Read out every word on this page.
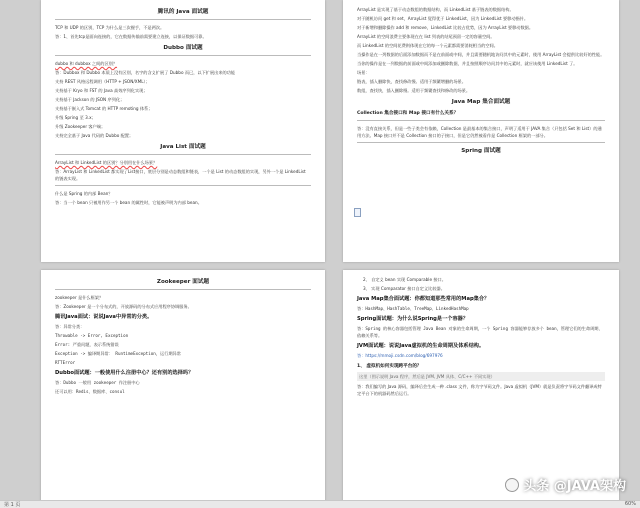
腾讯的 Java 面试题
TCP 和 UDP 的区别，TCP 为什么是三次握手，不是两次。
答：1、首先tcp是面向连接的，它在数据传输前需要建立连接，以保证数据可靠。
Dubbo 面试题
dubbo 和 dubbox 之间的区别？
答：Dubbox 和 Dubbo 本质上没有区别，名字的含义扩展了 Dubbo 而已，以下扩展出来的功能
支持 REST 风格远程调用（HTTP + JSON/XML）；
支持基于 Kryo 和 FST 的 Java 高效序列化实现；
支持基于 Jackson 的 JSON 序列化；
支持基于嵌入式 Tomcat 的 HTTP remoting 体系；
升级 Spring 至 3.x；
升级 Zookeeper 客户端；
支持完全基于 Java 代码的 Dubbo 配置；
Java List 面试题
ArrayList 和 LinkedList 的区别？分别用在什么场景？
答：ArrayList 和 LinkedList 都实现了List接口，底层分别是动态数组和链表，一个是 List 的动态数组的实现，另外一个是 LinkedList 的链表实现。
什么是 Spring 的内部 Bean？
答：当一个 bean 只被用作另一个 bean 的属性时，它能被声明为内部 bean。
ArrayList 是实现了基于动态数组的数据结构，而 LinkedList 基于链表的数据结构。
对于随机访问 get 和 set，ArrayList 觉得优于 LinkedList，因为 LinkedList 要移动指针。
对于新增和删除操作 add 和 remove，LinkedList 比较占优势，因为 ArrayList 要移动数据。
ArrayList 的空间浪费主要体现在在 list 列表的结尾预留一定的容量空间。
而 LinkedList 的空间花费则体现在它的每一个元素都需要消耗相当的空间。
当操作是在一列数据的后面添加数据而不是在前面或中间，并且需要随机地访问其中的元素时，使用 ArrayList 会提供比较好的性能。
当你的操作是在一列数据的前面或中间添加或删除数据，并且按照顺序访问其中的元素时，就应该使用 LinkedList 了。
场景：
链表，插入删除快，查找修改慢。适用于频繁增删的场景。
数组，查找快，插入删除慢。适用于频繁查找和修改的场景。
Java Map 集合面试题
Collection 集合接口和 Map 接口有什么关系？
答：没有直接关系，但是一些子类会有依赖，Collection 是最基本的集合接口，声明了适用于 JAVA 集合（只包括 Set 和 List）的通用方法。Map 接口并不是 Collection 接口的子接口，但是它仍然被看作是 Collection 框架的一部分。
Spring 面试题
Zookeeper 面试题
zookeeper 是什么框架？
答：Zookeeper 是一个分布式的，开放源码的分布式应用程序协调服务。
腾讯Java面试：说说Java中异常的分类。
答：异常分类：
Throwable -> Error, Exception
Error: 严重问题，表示系统错误
Exception -> 编译期异常： RuntimeException，运行期异常
RTTError
Dubbo面试题：一般使用什么注册中心？还有别的选择吗？
答：Dubbo 一般用 zookeeper 作注册中心
还可以用：Redis、数据库、consul
2、 自定义 bean 实现 Comparable 接口。
3、 实现 Comparator 接口自定义比较器。
Java Map集合面试题：你都知道那些常用的Map集合？
答：HashMap、HashTable、TreeMap、LinkedHashMap
Spring面试题：为什么说Spring是一个容器？
答：Spring 的核心容器包括管理 Java Bean 对象的生命周期，一个 Spring 容器能够存放多个 bean，管理它们的生命周期、依赖关系等。
JVM面试题：说说Java虚拟机的生命周期及体系结构。
答：https://mmoji.csdn.com/blog/697976
1、 虚拟机如何实现跨平台的？
这里（图示说明 Java 程序，然后是 JVM, JVM 具体、C/C++ 不同实现）
答：我们编写的 Java 源码，编译后会生成一种 .class 文件，称为字节码文件。Java 虚拟机（JVM）就是负责将字节码文件翻译成特定平台下的机器码然后运行。
头条 @JAVA架构
第 1 页	60%
